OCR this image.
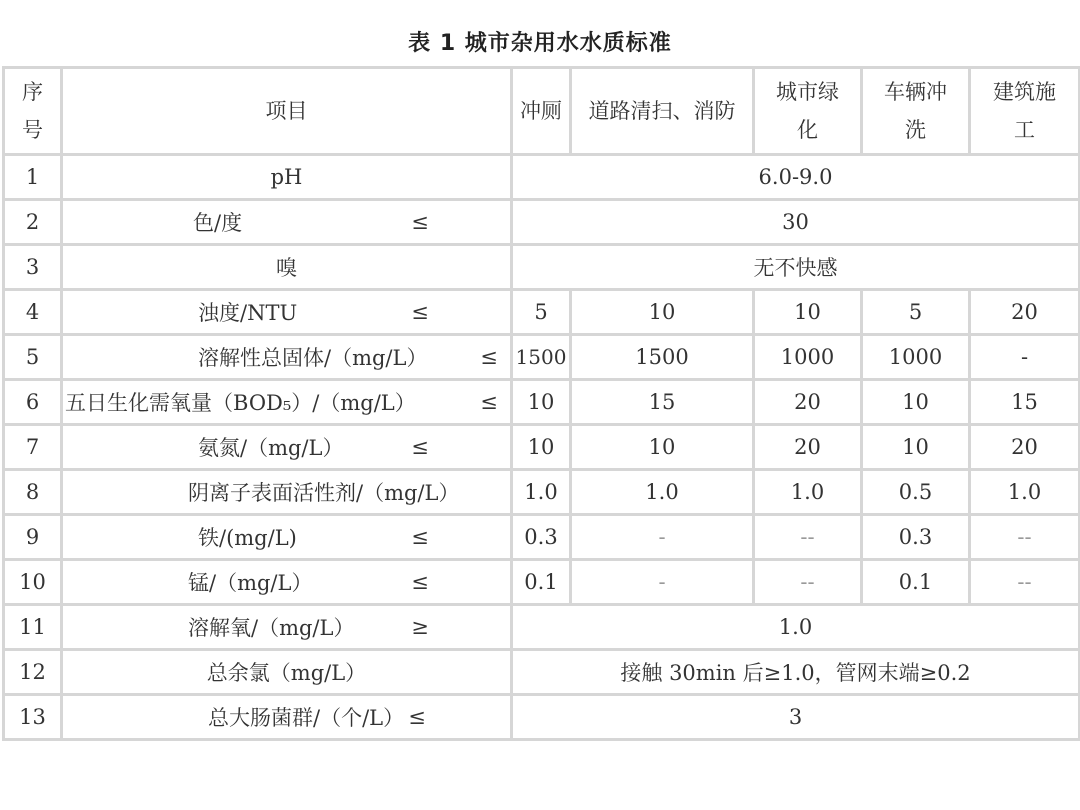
表 1 城市杂用水水质标准
序号	项目	冲厕	道路清扫、消防	城市绿化	车辆冲洗	建筑施工
1	pH	6.0-9.0				
2	色/度 ≤	30				
3	嗅	无不快感				
4	浊度/NTU ≤	5	10	10	5	20
5	溶解性总固体/（mg/L） ≤	1500	1500	1000	1000	-
6	五日生化需氧量（BOD₅）/（mg/L） ≤	10	15	20	10	15
7	氨氮/（mg/L） ≤	10	10	20	10	20
8	阴离子表面活性剂/（mg/L）	1.0	1.0	1.0	0.5	1.0
9	铁/(mg/L) ≤	0.3	-	--	0.3	--
10	锰/（mg/L） ≤	0.1	-	--	0.1	--
11	溶解氧/（mg/L） ≥	1.0				
12	总余氯（mg/L）	接触 30min 后≥1.0，管网末端≥0.2				
13	总大肠菌群/（个/L） ≤	3				
